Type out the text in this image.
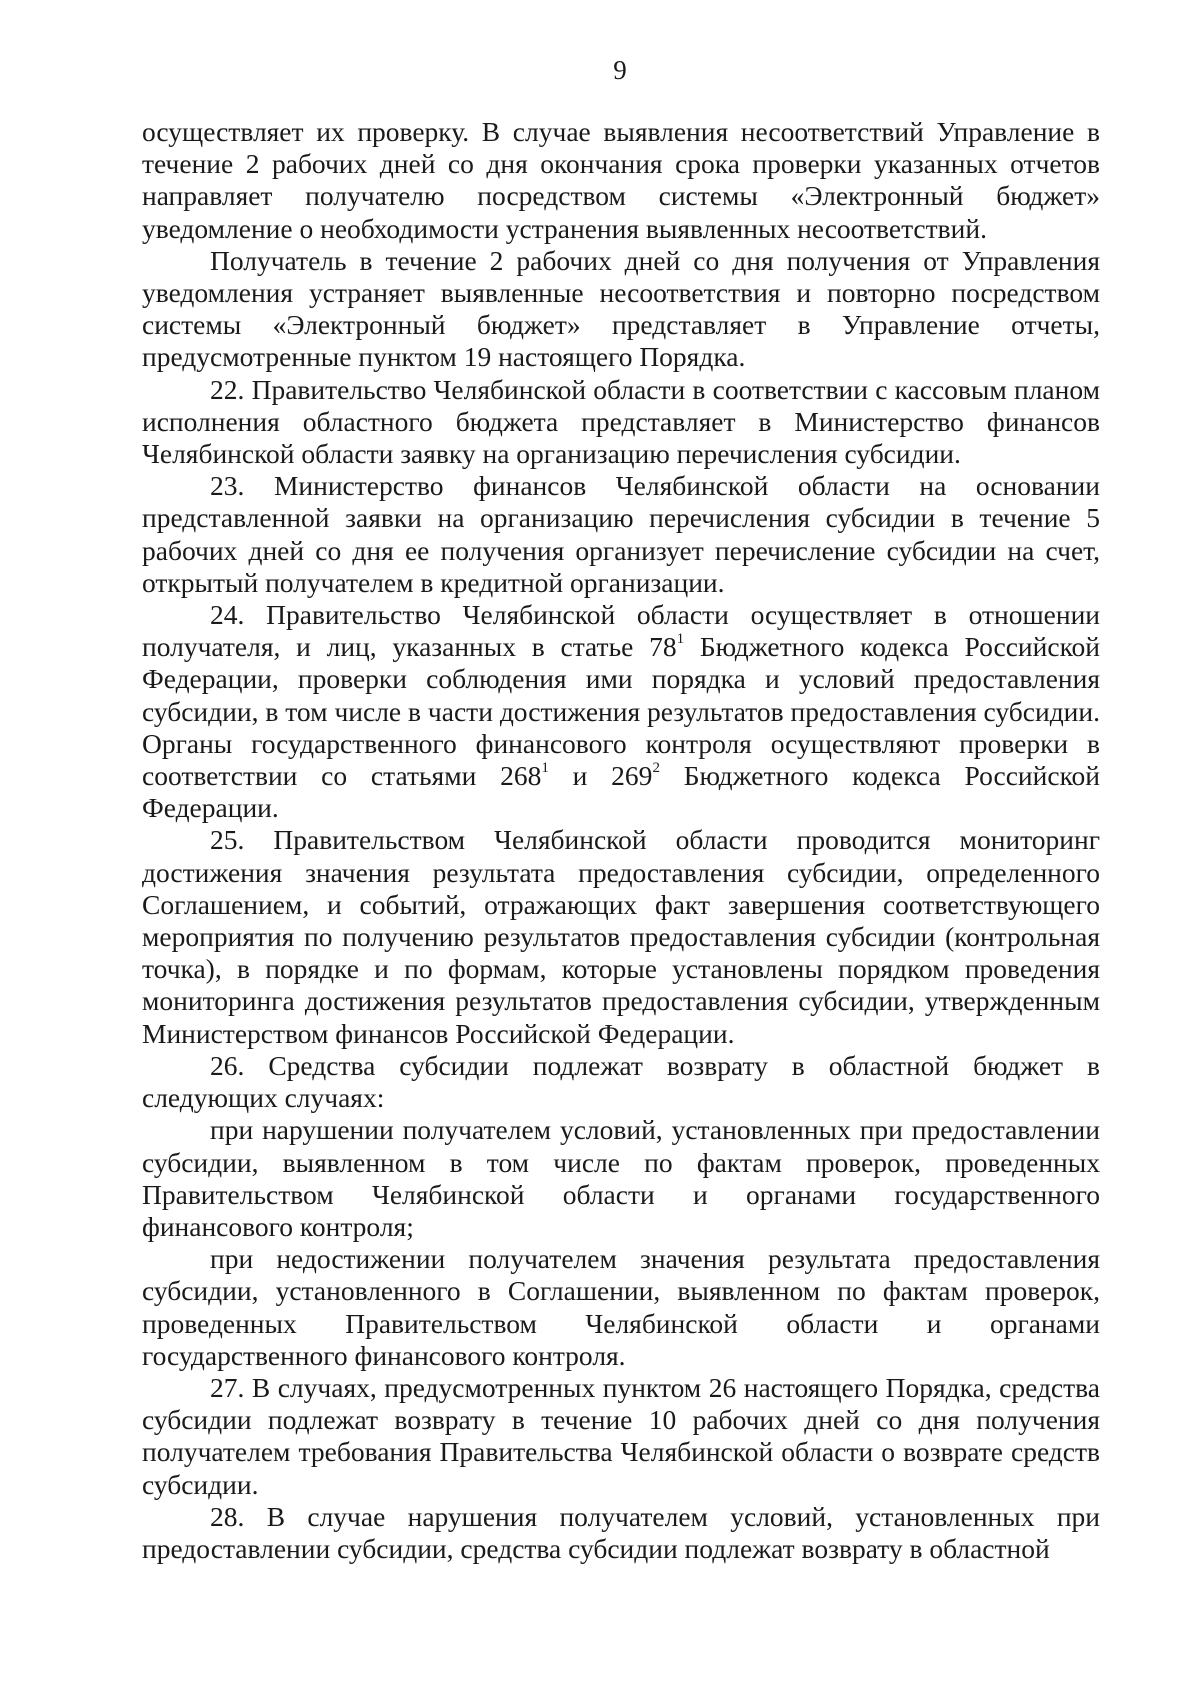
9

осуществляет их проверку. В случае выявления несоответствий Управление в течение 2 рабочих дней со дня окончания срока проверки указанных отчетов направляет получателю посредством системы «Электронный бюджет» уведомление о необходимости устранения выявленных несоответствий.

Получатель в течение 2 рабочих дней со дня получения от Управления уведомления устраняет выявленные несоответствия и повторно посредством системы «Электронный бюджет» представляет в Управление отчеты, предусмотренные пунктом 19 настоящего Порядка.

22. Правительство Челябинской области в соответствии с кассовым планом исполнения областного бюджета представляет в Министерство финансов Челябинской области заявку на организацию перечисления субсидии.

23. Министерство финансов Челябинской области на основании представленной заявки на организацию перечисления субсидии в течение 5 рабочих дней со дня ее получения организует перечисление субсидии на счет, открытый получателем в кредитной организации.

24. Правительство Челябинской области осуществляет в отношении получателя, и лиц, указанных в статье $78^1$ Бюджетного кодекса Российской Федерации, проверки соблюдения ими порядка и условий предоставления субсидии, в том числе в части достижения результатов предоставления субсидии. Органы государственного финансового контроля осуществляют проверки в соответствии со статьями $268^1$ и $269^2$ Бюджетного кодекса Российской Федерации.

25. Правительством Челябинской области проводится мониторинг достижения значения результата предоставления субсидии, определенного Соглашением, и событий, отражающих факт завершения соответствующего мероприятия по получению результатов предоставления субсидии (контрольная точка), в порядке и по формам, которые установлены порядком проведения мониторинга достижения результатов предоставления субсидии, утвержденным Министерством финансов Российской Федерации.

26. Средства субсидии подлежат возврату в областной бюджет в следующих случаях:

при нарушении получателем условий, установленных при предоставлении субсидии, выявленном в том числе по фактам проверок, проведенных Правительством Челябинской области и органами государственного финансового контроля;

при недостижении получателем значения результата предоставления субсидии, установленного в Соглашении, выявленном по фактам проверок, проведенных Правительством Челябинской области и органами государственного финансового контроля.

27. В случаях, предусмотренных пунктом 26 настоящего Порядка, средства субсидии подлежат возврату в течение 10 рабочих дней со дня получения получателем требования Правительства Челябинской области о возврате средств субсидии.

28. В случае нарушения получателем условий, установленных при предоставлении субсидии, средства субсидии подлежат возврату в областной
